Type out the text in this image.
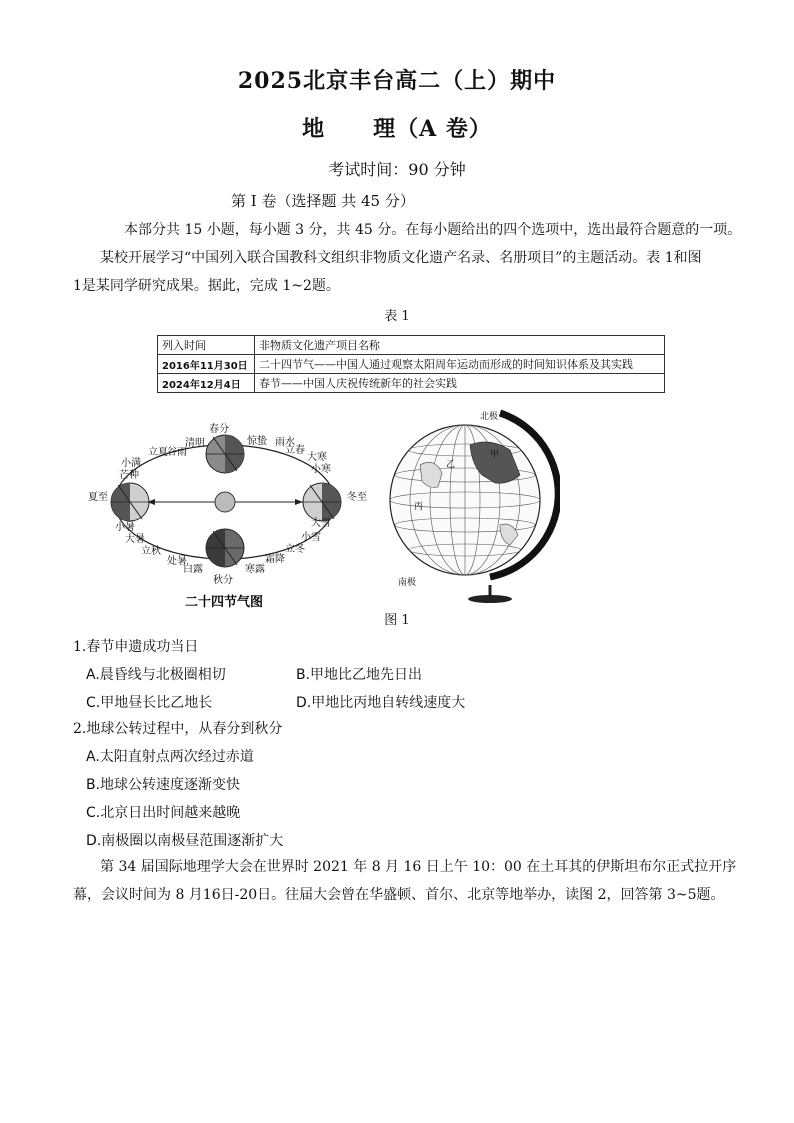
2025北京丰台高二（上）期中
地 理（A 卷）
考试时间：90 分钟
第 I 卷（选择题 共 45 分）
本部分共 15 小题，每小题 3 分，共 45 分。在每小题给出的四个选项中，选出最符合题意的一项。
某校开展学习“中国列入联合国教科文组织非物质文化遗产名录、名册项目”的主题活动。表 1和图
1是某同学研究成果。据此，完成 1~2题。
表 1
列入时间	非物质文化遗产项目名称
2016年11月30日	二十四节气——中国人通过观察太阳周年运动而形成的时间知识体系及其实践
2024年12月4日	春节——中国人庆祝传统新年的社会实践
春分
清明
谷雨
立夏
小满
芒种
夏至
小暑
大暑
立秋
处暑
白露
秋分
寒露
霜降
立冬
小雪
大雪
冬至
小寒
大寒
立春
雨水
惊蛰
二十四节气图
北极
南极
甲
乙
丙
图 1
1.春节申遗成功当日
A.晨昏线与北极圈相切	B.甲地比乙地先日出
C.甲地昼长比乙地长	D.甲地比丙地自转线速度大
2.地球公转过程中，从春分到秋分
A.太阳直射点两次经过赤道
B.地球公转速度逐渐变快
C.北京日出时间越来越晚
D.南极圈以南极昼范围逐渐扩大
第 34 届国际地理学大会在世界时 2021 年 8 月 16 日上午 10：00 在土耳其的伊斯坦布尔正式拉开序
幕，会议时间为 8 月16日-20日。往届大会曾在华盛顿、首尔、北京等地举办，读图 2，回答第 3~5题。
